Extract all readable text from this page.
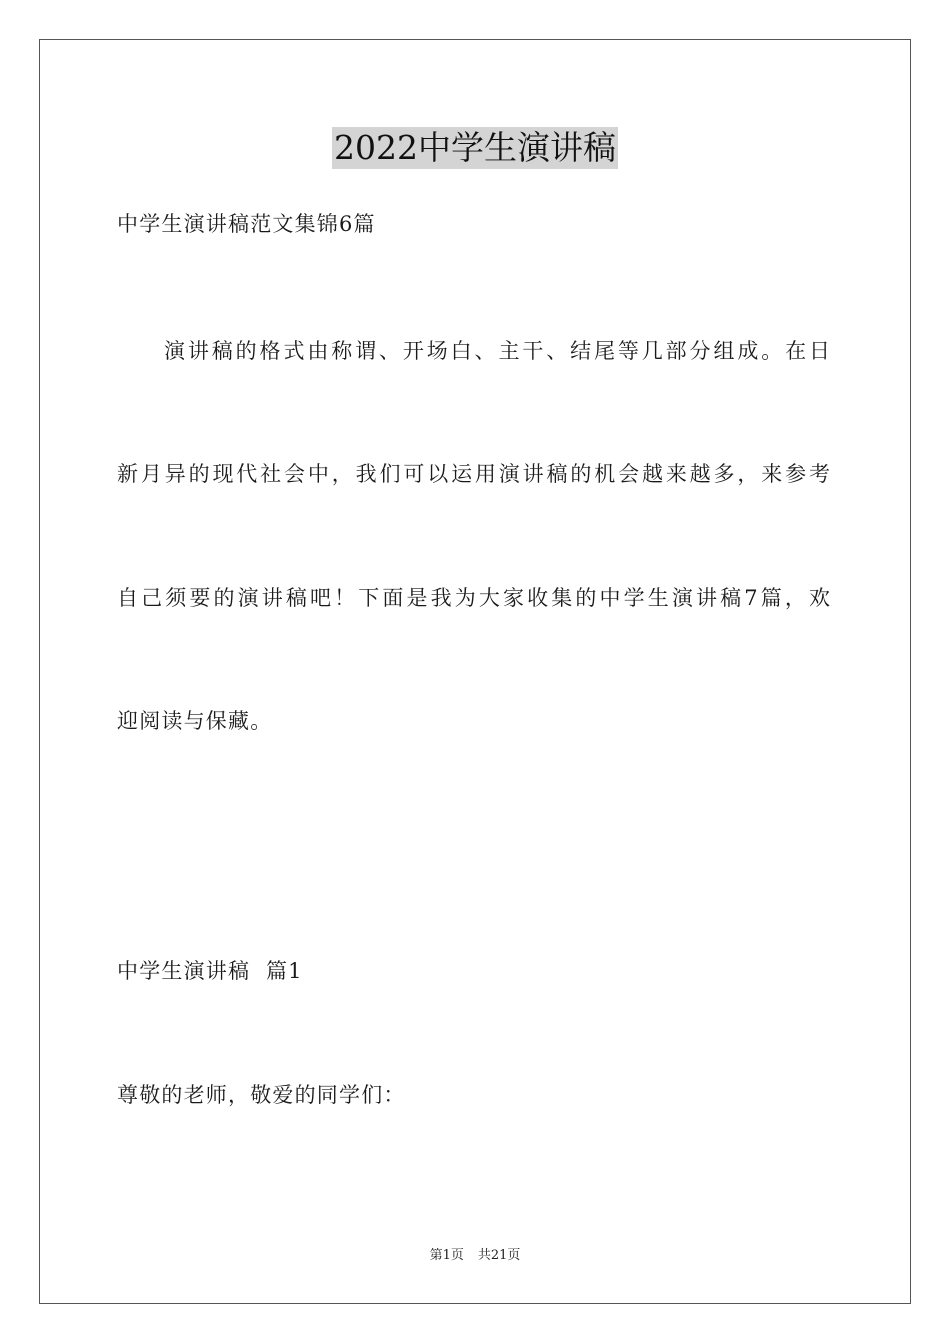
2022中学生演讲稿
中学生演讲稿范文集锦6篇
演讲稿的格式由称谓、开场白、主干、结尾等几部分组成。在日
新月异的现代社会中，我们可以运用演讲稿的机会越来越多，来参考
自己须要的演讲稿吧！下面是我为大家收集的中学生演讲稿7篇，欢
迎阅读与保藏。
中学生演讲稿  篇1
尊敬的老师，敬爱的同学们：
第1页 共21页
